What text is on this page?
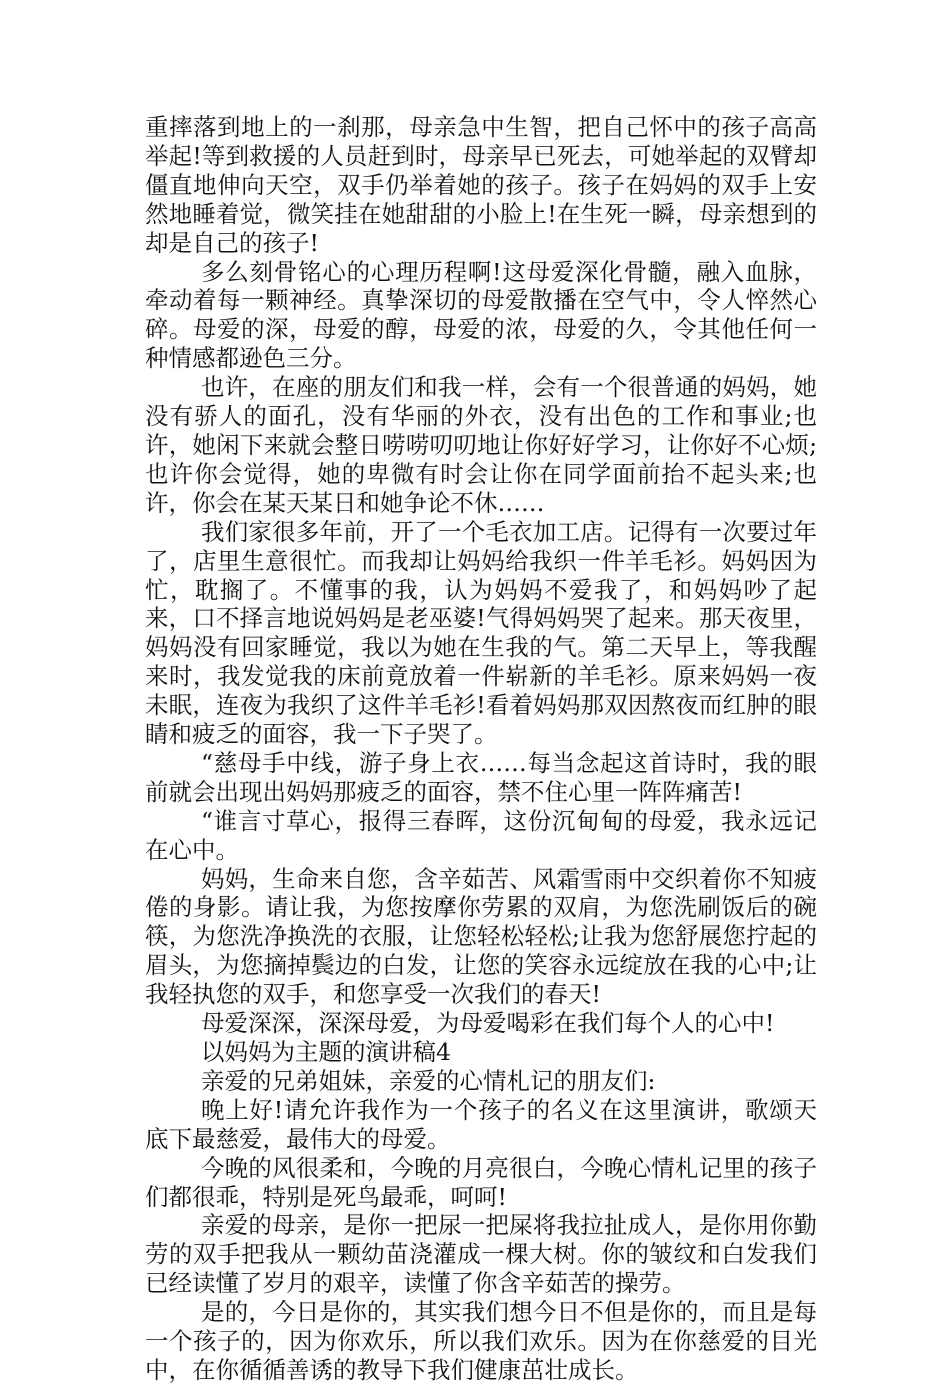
重摔落到地上的一刹那，母亲急中生智，把自己怀中的孩子高高举起!等到救援的人员赶到时，母亲早已死去，可她举起的双臂却僵直地伸向天空，双手仍举着她的孩子。孩子在妈妈的双手上安然地睡着觉，微笑挂在她甜甜的小脸上!在生死一瞬，母亲想到的却是自己的孩子!

多么刻骨铭心的心理历程啊!这母爱深化骨髓，融入血脉，牵动着每一颗神经。真挚深切的母爱散播在空气中，令人悴然心碎。母爱的深，母爱的醇，母爱的浓，母爱的久，令其他任何一种情感都逊色三分。

也许，在座的朋友们和我一样，会有一个很普通的妈妈，她没有骄人的面孔，没有华丽的外衣，没有出色的工作和事业;也许，她闲下来就会整日唠唠叨叨地让你好好学习，让你好不心烦;也许你会觉得，她的卑微有时会让你在同学面前抬不起头来;也许，你会在某天某日和她争论不休……

我们家很多年前，开了一个毛衣加工店。记得有一次要过年了，店里生意很忙。而我却让妈妈给我织一件羊毛衫。妈妈因为忙，耽搁了。不懂事的我，认为妈妈不爱我了，和妈妈吵了起来，口不择言地说妈妈是老巫婆!气得妈妈哭了起来。那天夜里，妈妈没有回家睡觉，我以为她在生我的气。第二天早上，等我醒来时，我发觉我的床前竟放着一件崭新的羊毛衫。原来妈妈一夜未眠，连夜为我织了这件羊毛衫!看着妈妈那双因熬夜而红肿的眼睛和疲乏的面容，我一下子哭了。

“慈母手中线，游子身上衣……每当念起这首诗时，我的眼前就会出现出妈妈那疲乏的面容，禁不住心里一阵阵痛苦!

“谁言寸草心，报得三春晖，这份沉甸甸的母爱，我永远记在心中。

妈妈，生命来自您，含辛茹苦、风霜雪雨中交织着你不知疲倦的身影。请让我，为您按摩你劳累的双肩，为您洗刷饭后的碗筷，为您洗净换洗的衣服，让您轻松轻松;让我为您舒展您拧起的眉头，为您摘掉鬓边的白发，让您的笑容永远绽放在我的心中;让我轻执您的双手，和您享受一次我们的春天!

母爱深深，深深母爱，为母爱喝彩在我们每个人的心中!

以妈妈为主题的演讲稿4

亲爱的兄弟姐妹，亲爱的心情札记的朋友们:

晚上好!请允许我作为一个孩子的名义在这里演讲，歌颂天底下最慈爱，最伟大的母爱。

今晚的风很柔和，今晚的月亮很白，今晚心情札记里的孩子们都很乖，特别是死鸟最乖，呵呵!

亲爱的母亲，是你一把尿一把屎将我拉扯成人，是你用你勤劳的双手把我从一颗幼苗浇灌成一棵大树。你的皱纹和白发我们已经读懂了岁月的艰辛，读懂了你含辛茹苦的操劳。

是的，今日是你的，其实我们想今日不但是你的，而且是每一个孩子的，因为你欢乐，所以我们欢乐。因为在你慈爱的目光中，在你循循善诱的教导下我们健康茁壮成长。
